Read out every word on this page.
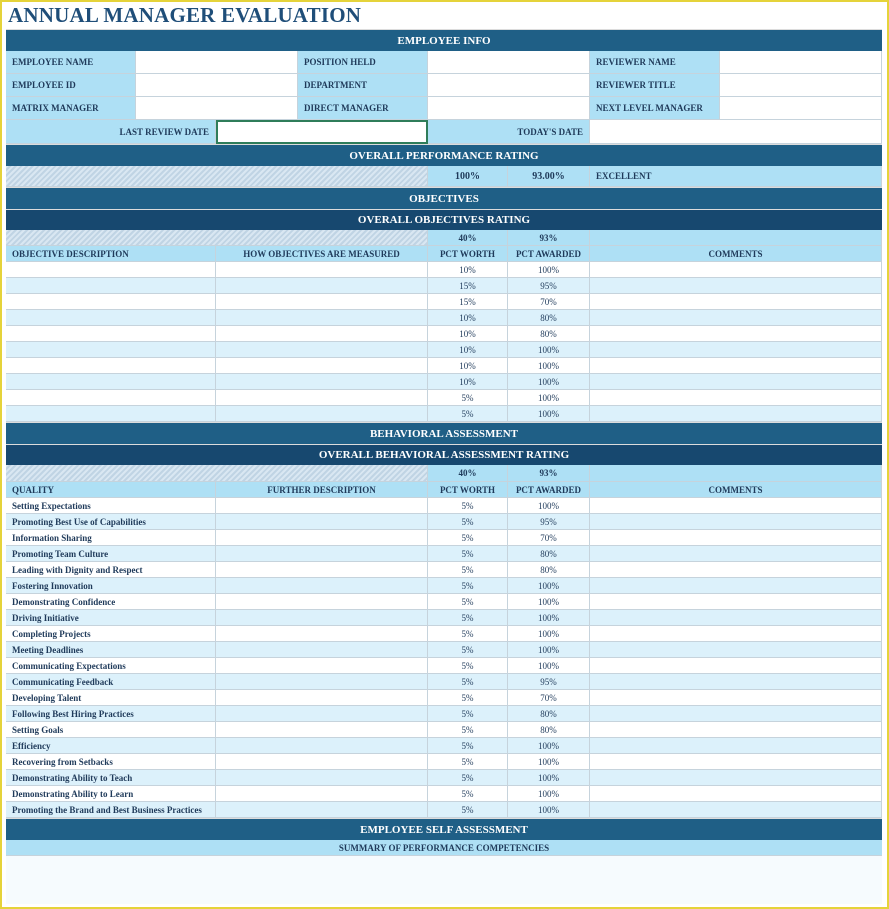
ANNUAL MANAGER EVALUATION
EMPLOYEE INFO
EMPLOYEE NAME	POSITION HELD	REVIEWER NAME
EMPLOYEE ID	DEPARTMENT	REVIEWER TITLE
MATRIX MANAGER	DIRECT MANAGER	NEXT LEVEL MANAGER
LAST REVIEW DATE	TODAY'S DATE
OVERALL PERFORMANCE RATING
100%	93.00%	EXCELLENT
OBJECTIVES
OVERALL OBJECTIVES RATING
40%	93%
OBJECTIVE DESCRIPTION	HOW OBJECTIVES ARE MEASURED	PCT WORTH	PCT AWARDED	COMMENTS
10%	100%
15%	95%
15%	70%
10%	80%
10%	80%
10%	100%
10%	100%
10%	100%
5%	100%
5%	100%
BEHAVIORAL ASSESSMENT
OVERALL BEHAVIORAL ASSESSMENT RATING
40%	93%
QUALITY	FURTHER DESCRIPTION	PCT WORTH	PCT AWARDED	COMMENTS
Setting Expectations	5%	100%
Promoting Best Use of Capabilities	5%	95%
Information Sharing	5%	70%
Promoting Team Culture	5%	80%
Leading with Dignity and Respect	5%	80%
Fostering Innovation	5%	100%
Demonstrating Confidence	5%	100%
Driving Initiative	5%	100%
Completing Projects	5%	100%
Meeting Deadlines	5%	100%
Communicating Expectations	5%	100%
Communicating Feedback	5%	95%
Developing Talent	5%	70%
Following Best Hiring Practices	5%	80%
Setting Goals	5%	80%
Efficiency	5%	100%
Recovering from Setbacks	5%	100%
Demonstrating Ability to Teach	5%	100%
Demonstrating Ability to Learn	5%	100%
Promoting the Brand and Best Business Practices	5%	100%
EMPLOYEE SELF ASSESSMENT
SUMMARY OF PERFORMANCE COMPETENCIES
